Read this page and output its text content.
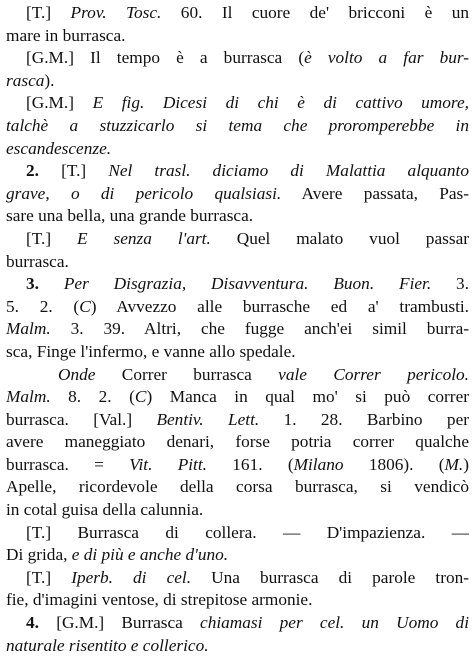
[T.] Prov. Tosc. 60. Il cuore de' bricconi è un
mare in burrasca.
[G.M.] Il tempo è a burrasca (è volto a far bur-
rasca).
[G.M.] E fig. Dicesi di chi è di cattivo umore,
talchè a stuzzicarlo si tema che proromperebbe in
escandescenze.
2. [T.] Nel trasl. diciamo di Malattia alquanto
grave, o di pericolo qualsiasi. Avere passata, Pas-
sare una bella, una grande burrasca.
[T.] E senza l'art. Quel malato vuol passar
burrasca.
3. Per Disgrazia, Disavventura. Buon. Fier. 3.
5. 2. (C) Avvezzo alle burrasche ed a' trambusti.
Malm. 3. 39. Altri, che fugge anch'ei simil burra-
sca, Finge l'infermo, e vanne allo spedale.
Onde Correr burrasca vale Correr pericolo.
Malm. 8. 2. (C) Manca in qual mo' si può correr
burrasca. [Val.] Bentiv. Lett. 1. 28. Barbino per
avere maneggiato denari, forse potria correr qualche
burrasca. = Vit. Pitt. 161. (Milano 1806). (M.)
Apelle, ricordevole della corsa burrasca, si vendicò
in cotal guisa della calunnia.
[T.] Burrasca di collera. — D'impazienza. —
Di grida, e di più e anche d'uno.
[T.] Iperb. di cel. Una burrasca di parole tron-
fie, d'imagini ventose, di strepitose armonie.
4. [G.M.] Burrasca chiamasi per cel. un Uomo di
naturale risentito e collerico.
